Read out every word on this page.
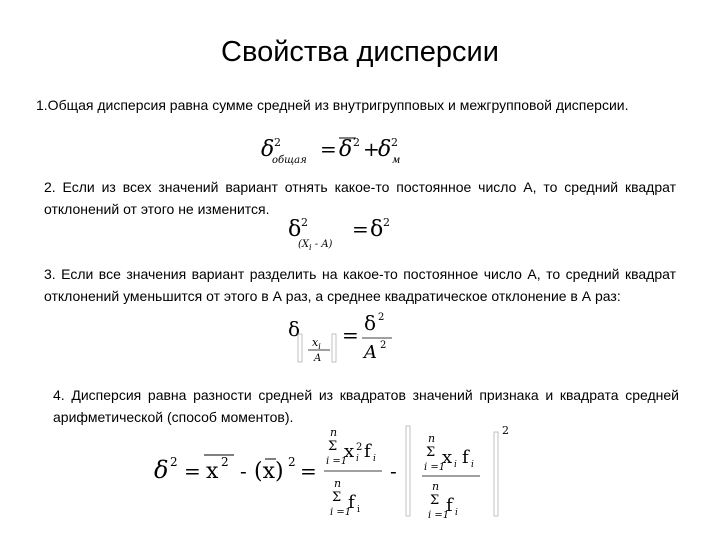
Свойства дисперсии
1.Общая дисперсия равна сумме средней из внутригрупповых и межгрупповой дисперсии.
2. Если из всех значений вариант отнять какое-то постоянное число А, то средний квадрат отклонений от этого не изменится.
3. Если все значения вариант разделить на какое-то постоянное число А, то средний квадрат отклонений уменьшится от этого в А раз, а среднее квадратическое отклонение в А раз:
4. Дисперсия равна разности средней из квадратов значений признака и квадрата средней арифметической (способ моментов).
δ 2
общая = δ 2 +
δ 2
м
δ 2
$(X_i - A)$
= δ 2
δ
$x_i$
A
= δ 2
A 2
δ 2 = x 2 - (x) 2 =
n
Σ
i =1
x 2
i f i
n
Σ
i =1
f i
-
n
Σ
i =1
x i f i
n
Σ
i =1
f i
2
